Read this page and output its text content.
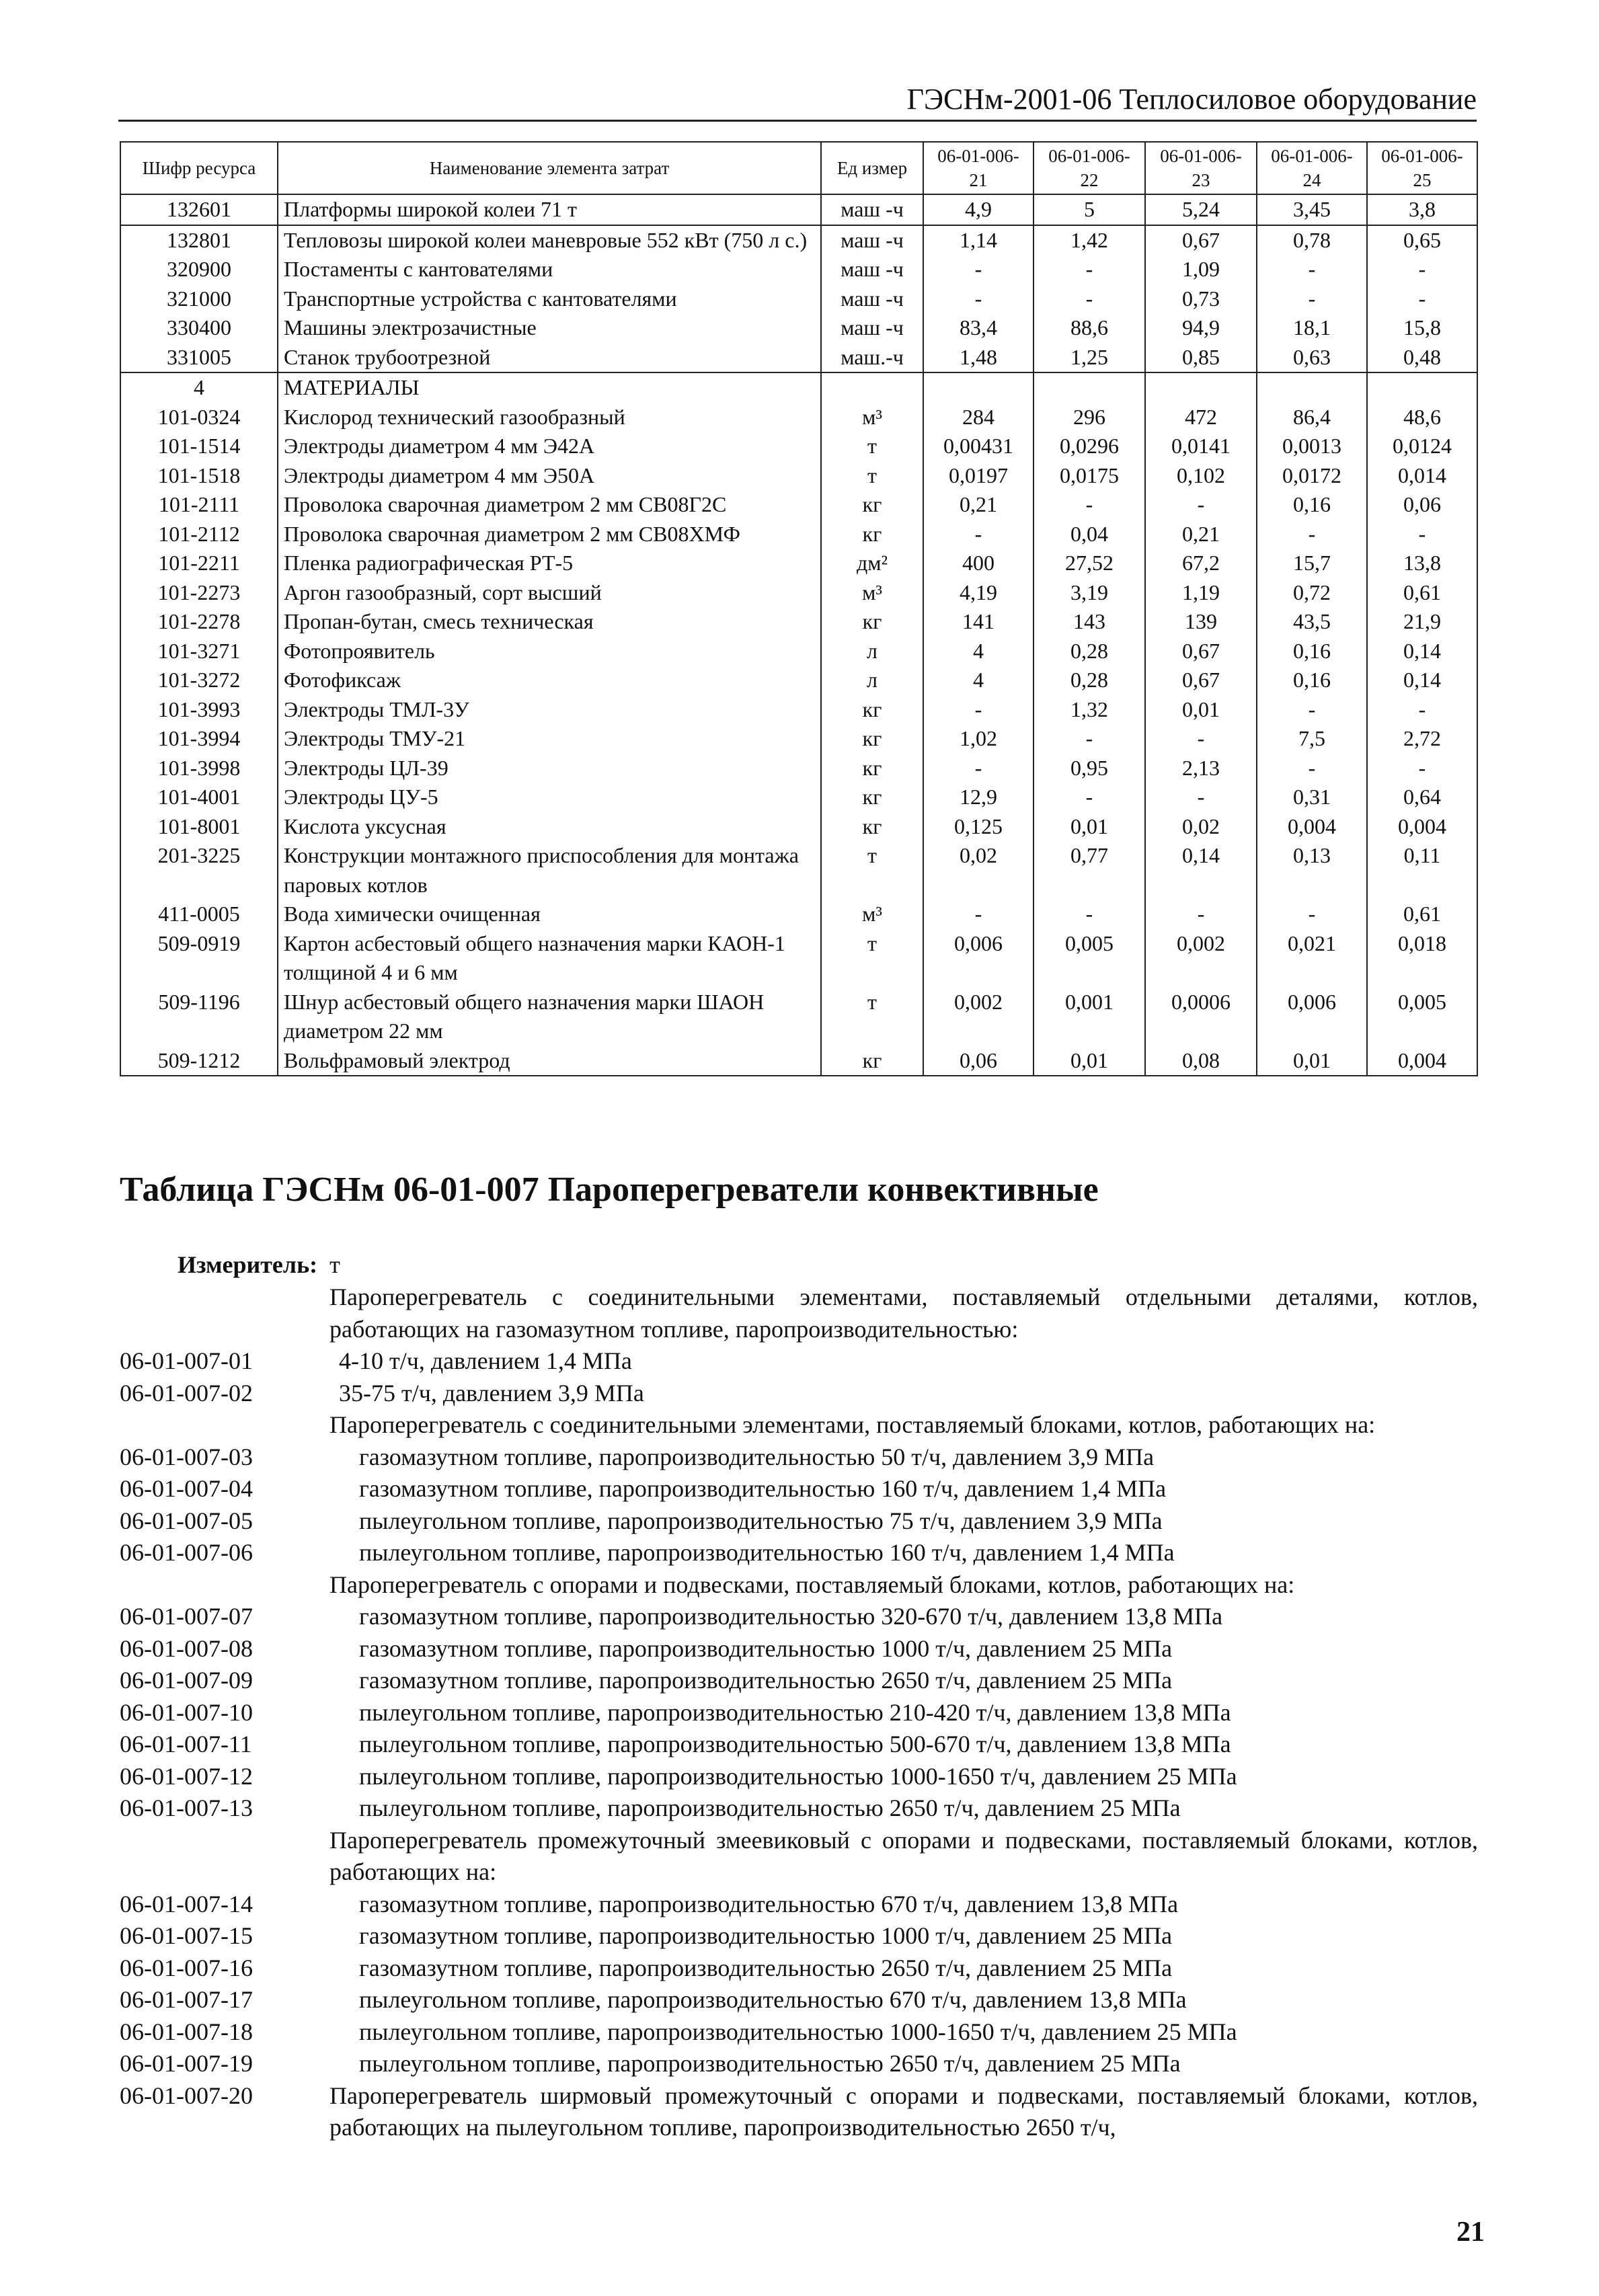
ГЭСНм-2001-06 Теплосиловое оборудование
Шифр ресурса	Наименование элемента затрат	Ед измер	06-01-006-21	06-01-006-22	06-01-006-23	06-01-006-24	06-01-006-25
132601	Платформы широкой колеи 71 т	маш -ч	4,9	5	5,24	3,45	3,8
132801	Тепловозы широкой колеи маневровые 552 кВт (750 л с.)	маш -ч	1,14	1,42	0,67	0,78	0,65
320900	Постаменты с кантователями	маш -ч	-	-	1,09	-	-
321000	Транспортные устройства с кантователями	маш -ч	-	-	0,73	-	-
330400	Машины электрозачистные	маш -ч	83,4	88,6	94,9	18,1	15,8
331005	Станок трубоотрезной	маш.-ч	1,48	1,25	0,85	0,63	0,48
4	МАТЕРИАЛЫ						
101-0324	Кислород технический газообразный	м³	284	296	472	86,4	48,6
101-1514	Электроды диаметром 4 мм Э42А	т	0,00431	0,0296	0,0141	0,0013	0,0124
101-1518	Электроды диаметром 4 мм Э50А	т	0,0197	0,0175	0,102	0,0172	0,014
101-2111	Проволока сварочная диаметром 2 мм СВ08Г2С	кг	0,21	-	-	0,16	0,06
101-2112	Проволока сварочная диаметром 2 мм СВ08ХМФ	кг	-	0,04	0,21	-	-
101-2211	Пленка радиографическая РТ-5	дм²	400	27,52	67,2	15,7	13,8
101-2273	Аргон газообразный, сорт высший	м³	4,19	3,19	1,19	0,72	0,61
101-2278	Пропан-бутан, смесь техническая	кг	141	143	139	43,5	21,9
101-3271	Фотопроявитель	л	4	0,28	0,67	0,16	0,14
101-3272	Фотофиксаж	л	4	0,28	0,67	0,16	0,14
101-3993	Электроды ТМЛ-3У	кг	-	1,32	0,01	-	-
101-3994	Электроды ТМУ-21	кг	1,02	-	-	7,5	2,72
101-3998	Электроды ЦЛ-39	кг	-	0,95	2,13	-	-
101-4001	Электроды ЦУ-5	кг	12,9	-	-	0,31	0,64
101-8001	Кислота уксусная	кг	0,125	0,01	0,02	0,004	0,004
201-3225	Конструкции монтажного приспособления для монтажа паровых котлов	т	0,02	0,77	0,14	0,13	0,11
411-0005	Вода химически очищенная	м³	-	-	-	-	0,61
509-0919	Картон асбестовый общего назначения марки КАОН-1 толщиной 4 и 6 мм	т	0,006	0,005	0,002	0,021	0,018
509-1196	Шнур асбестовый общего назначения марки ШАОН диаметром 22 мм	т	0,002	0,001	0,0006	0,006	0,005
509-1212	Вольфрамовый электрод	кг	0,06	0,01	0,08	0,01	0,004
Таблица ГЭСНм 06-01-007 Пароперегреватели конвективные
Измеритель: т
Пароперегреватель с соединительными элементами, поставляемый отдельными деталями, котлов, работающих на газомазутном топливе, паропроизводительностью:
06-01-007-01	4-10 т/ч, давлением 1,4 МПа
06-01-007-02	35-75 т/ч, давлением 3,9 МПа
Пароперегреватель с соединительными элементами, поставляемый блоками, котлов, работающих на:
06-01-007-03	газомазутном топливе, паропроизводительностью 50 т/ч, давлением 3,9 МПа
06-01-007-04	газомазутном топливе, паропроизводительностью 160 т/ч, давлением 1,4 МПа
06-01-007-05	пылеугольном топливе, паропроизводительностью 75 т/ч, давлением 3,9 МПа
06-01-007-06	пылеугольном топливе, паропроизводительностью 160 т/ч, давлением 1,4 МПа
Пароперегреватель с опорами и подвесками, поставляемый блоками, котлов, работающих на:
06-01-007-07	газомазутном топливе, паропроизводительностью 320-670 т/ч, давлением 13,8 МПа
06-01-007-08	газомазутном топливе, паропроизводительностью 1000 т/ч, давлением 25 МПа
06-01-007-09	газомазутном топливе, паропроизводительностью 2650 т/ч, давлением 25 МПа
06-01-007-10	пылеугольном топливе, паропроизводительностью 210-420 т/ч, давлением 13,8 МПа
06-01-007-11	пылеугольном топливе, паропроизводительностью 500-670 т/ч, давлением 13,8 МПа
06-01-007-12	пылеугольном топливе, паропроизводительностью 1000-1650 т/ч, давлением 25 МПа
06-01-007-13	пылеугольном топливе, паропроизводительностью 2650 т/ч, давлением 25 МПа
Пароперегреватель промежуточный змеевиковый с опорами и подвесками, поставляемый блоками, котлов, работающих на:
06-01-007-14	газомазутном топливе, паропроизводительностью 670 т/ч, давлением 13,8 МПа
06-01-007-15	газомазутном топливе, паропроизводительностью 1000 т/ч, давлением 25 МПа
06-01-007-16	газомазутном топливе, паропроизводительностью 2650 т/ч, давлением 25 МПа
06-01-007-17	пылеугольном топливе, паропроизводительностью 670 т/ч, давлением 13,8 МПа
06-01-007-18	пылеугольном топливе, паропроизводительностью 1000-1650 т/ч, давлением 25 МПа
06-01-007-19	пылеугольном топливе, паропроизводительностью 2650 т/ч, давлением 25 МПа
06-01-007-20	Пароперегреватель ширмовый промежуточный с опорами и подвесками, поставляемый блоками, котлов, работающих на пылеугольном топливе, паропроизводительностью 2650 т/ч,
21
